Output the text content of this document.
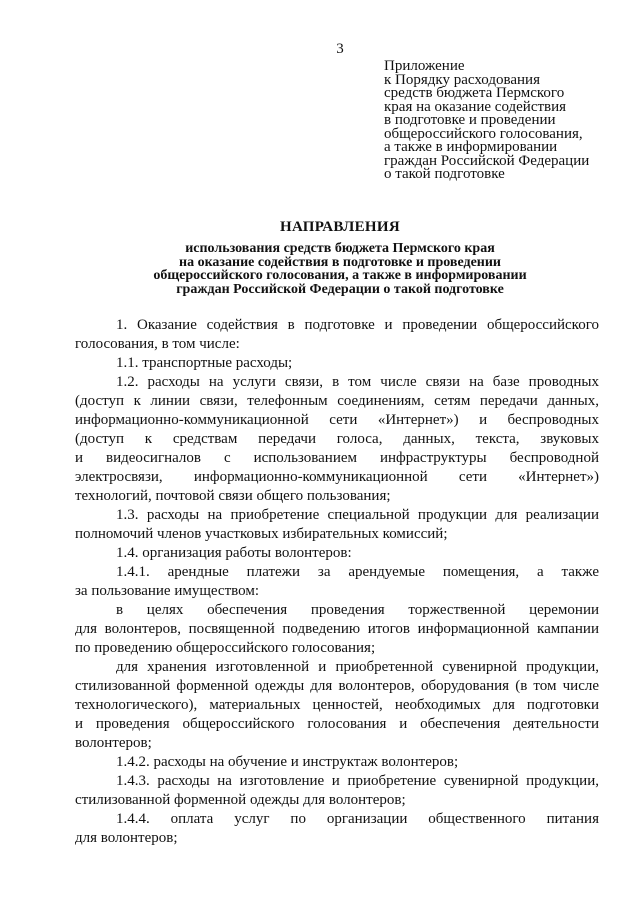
3
Приложение
к Порядку расходования
средств бюджета Пермского
края на оказание содействия
в подготовке и проведении
общероссийского голосования,
а также в информировании
граждан Российской Федерации
о такой подготовке
НАПРАВЛЕНИЯ
использования средств бюджета Пермского края
на оказание содействия в подготовке и проведении
общероссийского голосования, а также в информировании
граждан Российской Федерации о такой подготовке
1. Оказание содействия в подготовке и проведении общероссийского
голосования, в том числе:
1.1. транспортные расходы;
1.2. расходы на услуги связи, в том числе связи на базе проводных
(доступ к линии связи, телефонным соединениям, сетям передачи данных,
информационно-коммуникационной сети «Интернет») и беспроводных
(доступ к средствам передачи голоса, данных, текста, звуковых
и видеосигналов с использованием инфраструктуры беспроводной
электросвязи, информационно-коммуникационной сети «Интернет»)
технологий, почтовой связи общего пользования;
1.3. расходы на приобретение специальной продукции для реализации
полномочий членов участковых избирательных комиссий;
1.4. организация работы волонтеров:
1.4.1. арендные платежи за арендуемые помещения, а также
за пользование имуществом:
в целях обеспечения проведения торжественной церемонии
для волонтеров, посвященной подведению итогов информационной кампании
по проведению общероссийского голосования;
для хранения изготовленной и приобретенной сувенирной продукции,
стилизованной форменной одежды для волонтеров, оборудования (в том числе
технологического), материальных ценностей, необходимых для подготовки
и проведения общероссийского голосования и обеспечения деятельности
волонтеров;
1.4.2. расходы на обучение и инструктаж волонтеров;
1.4.3. расходы на изготовление и приобретение сувенирной продукции,
стилизованной форменной одежды для волонтеров;
1.4.4. оплата услуг по организации общественного питания
для волонтеров;
